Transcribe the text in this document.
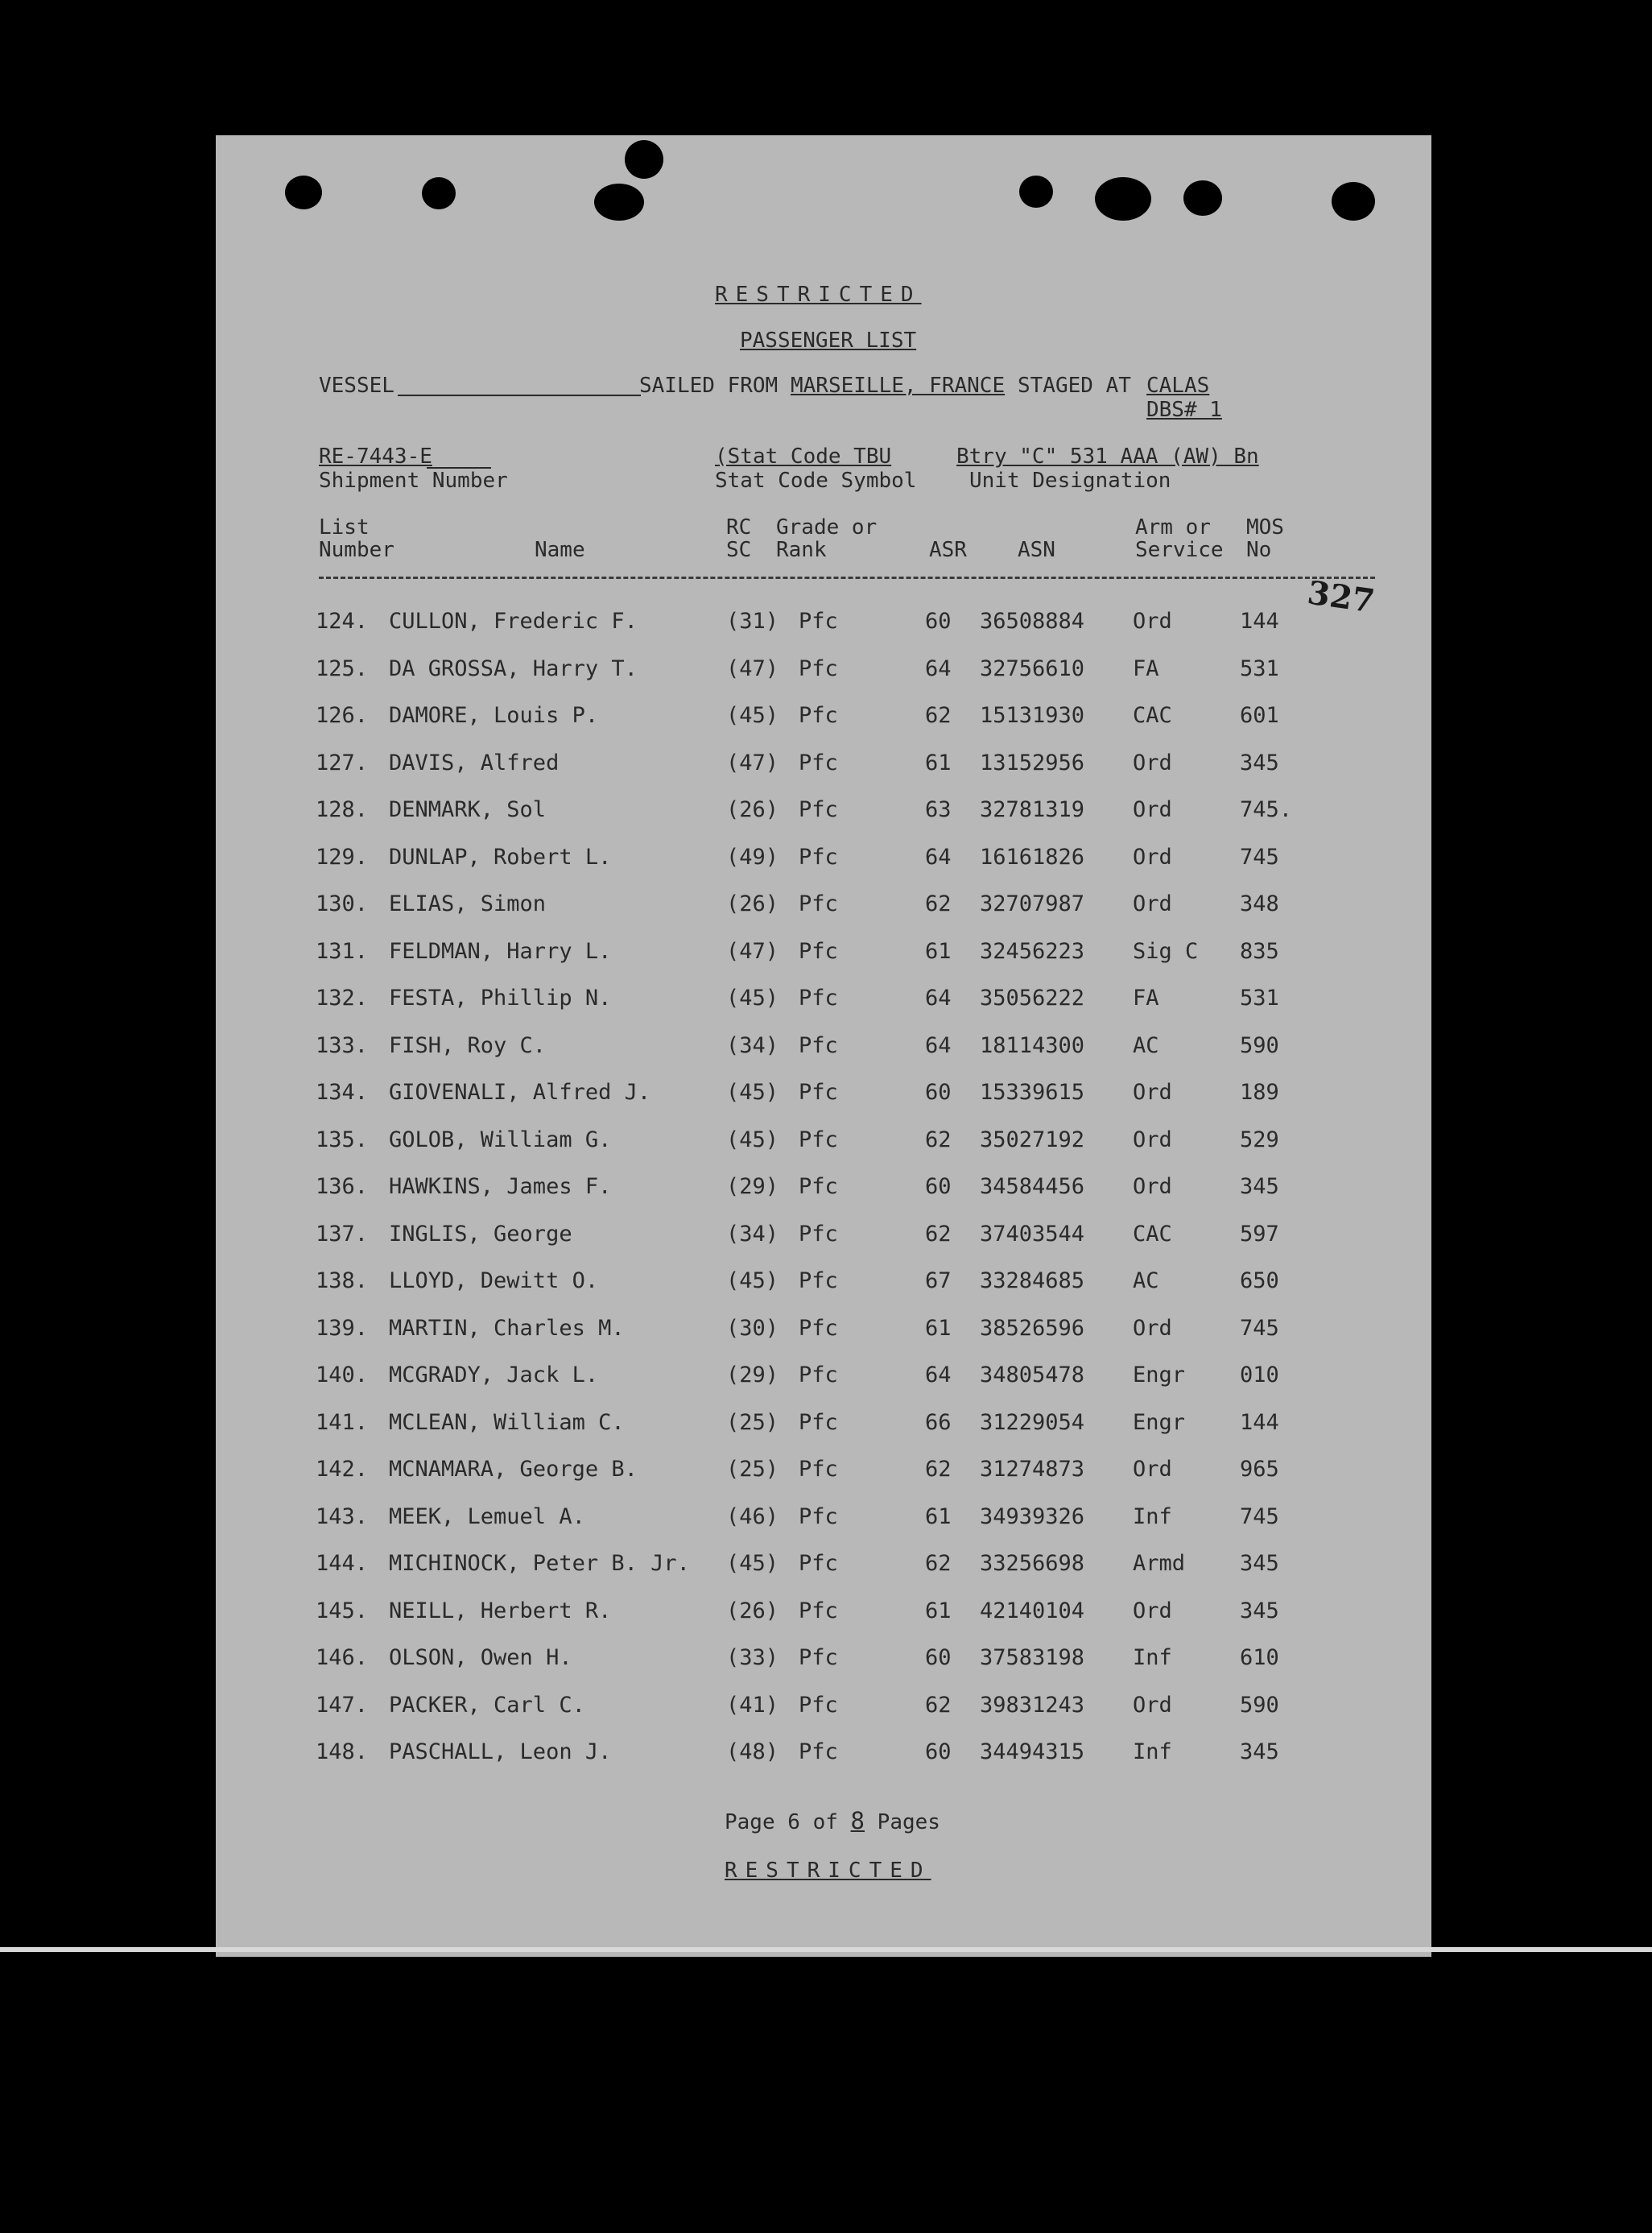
RESTRICTED
PASSENGER LIST
VESSEL	SAILED FROM MARSEILLE, FRANCE STAGED AT CALAS
DBS# 1
RE-7443-E
Shipment Number
(Stat Code TBU
Stat Code Symbol
Btry "C" 531 AAA (AW) Bn
Unit Designation
List
Number	Name
RC
SC
Grade or
Rank	ASR ASN
Arm or
Service
MOS
No
327
124. CULLON, Frederic F.	(31) Pfc	60 36508884 Ord	144
125. DA GROSSA, Harry T.	(47) Pfc	64 32756610 FA	531
126. DAMORE, Louis P.	(45) Pfc	62 15131930 CAC	601
127. DAVIS, Alfred	(47) Pfc	61 13152956 Ord	345
128. DENMARK, Sol	(26) Pfc	63 32781319 Ord	745.
129. DUNLAP, Robert L.	(49) Pfc	64 16161826 Ord	745
130. ELIAS, Simon	(26) Pfc	62 32707987 Ord	348
131. FELDMAN, Harry L.	(47) Pfc	61 32456223 Sig C 835
132. FESTA, Phillip N.	(45) Pfc	64 35056222 FA	531
133. FISH, Roy C.	(34) Pfc	64 18114300 AC	590
134. GIOVENALI, Alfred J.	(45) Pfc	60 15339615 Ord	189
135. GOLOB, William G.	(45) Pfc	62 35027192 Ord	529
136. HAWKINS, James F.	(29) Pfc	60 34584456 Ord	345
137. INGLIS, George	(34) Pfc	62 37403544 CAC	597
138. LLOYD, Dewitt O.	(45) Pfc	67 33284685 AC	650
139. MARTIN, Charles M.	(30) Pfc	61 38526596 Ord	745
140. MCGRADY, Jack L.	(29) Pfc	64 34805478 Engr	010
141. MCLEAN, William C.	(25) Pfc	66 31229054 Engr	144
142. MCNAMARA, George B.	(25) Pfc	62 31274873 Ord	965
143. MEEK, Lemuel A.	(46) Pfc	61 34939326 Inf	745
144. MICHINOCK, Peter B. Jr. (45) Pfc	62 33256698 Armd	345
145. NEILL, Herbert R.	(26) Pfc	61 42140104 Ord	345
146. OLSON, Owen H.	(33) Pfc	60 37583198 Inf	610
147. PACKER, Carl C.	(41) Pfc	62 39831243 Ord	590
148. PASCHALL, Leon J.	(48) Pfc	60 34494315 Inf	345
Page 6 of 8 Pages
RESTRICTED
